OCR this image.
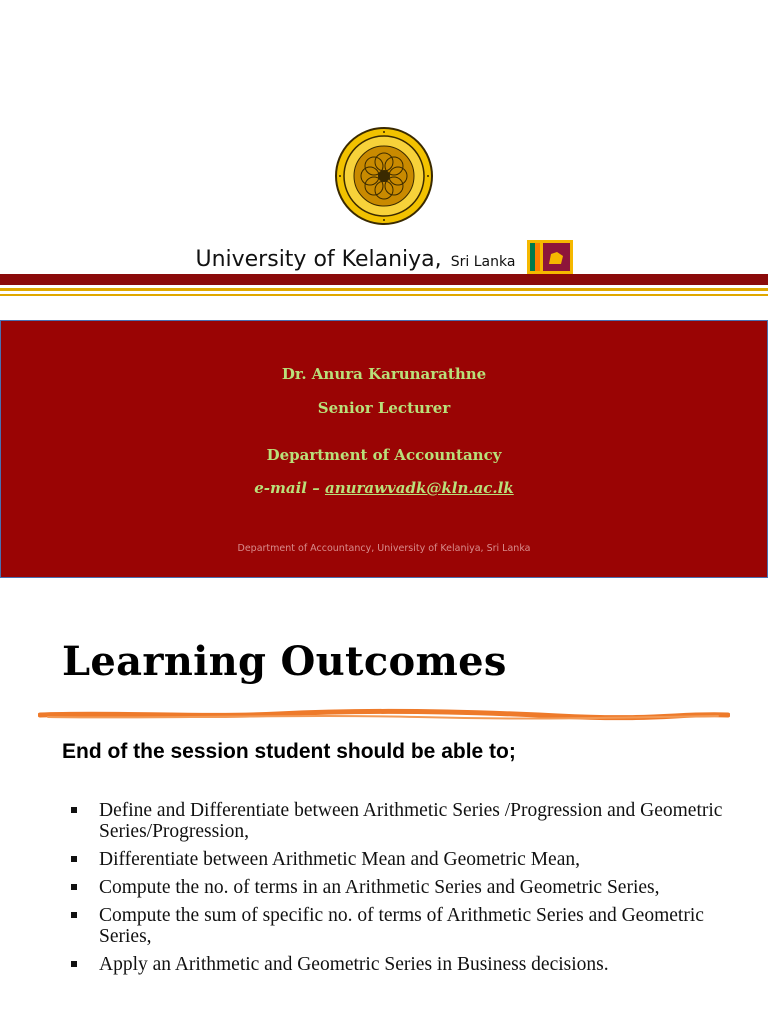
University of Kelaniya, Sri Lanka
Dr. Anura Karunarathne
Senior Lecturer
Department of Accountancy
e-mail – anurawvadk@kln.ac.lk
Department of Accountancy, University of Kelaniya, Sri Lanka
Learning Outcomes
End of the session student should be able to;
Define and Differentiate between Arithmetic Series /Progression and Geometric Series/Progression,
Differentiate between Arithmetic Mean and Geometric Mean,
Compute the no. of terms in an Arithmetic Series and Geometric Series,
Compute the sum of specific no. of terms of Arithmetic Series and Geometric Series,
Apply an Arithmetic and Geometric Series in Business decisions.
